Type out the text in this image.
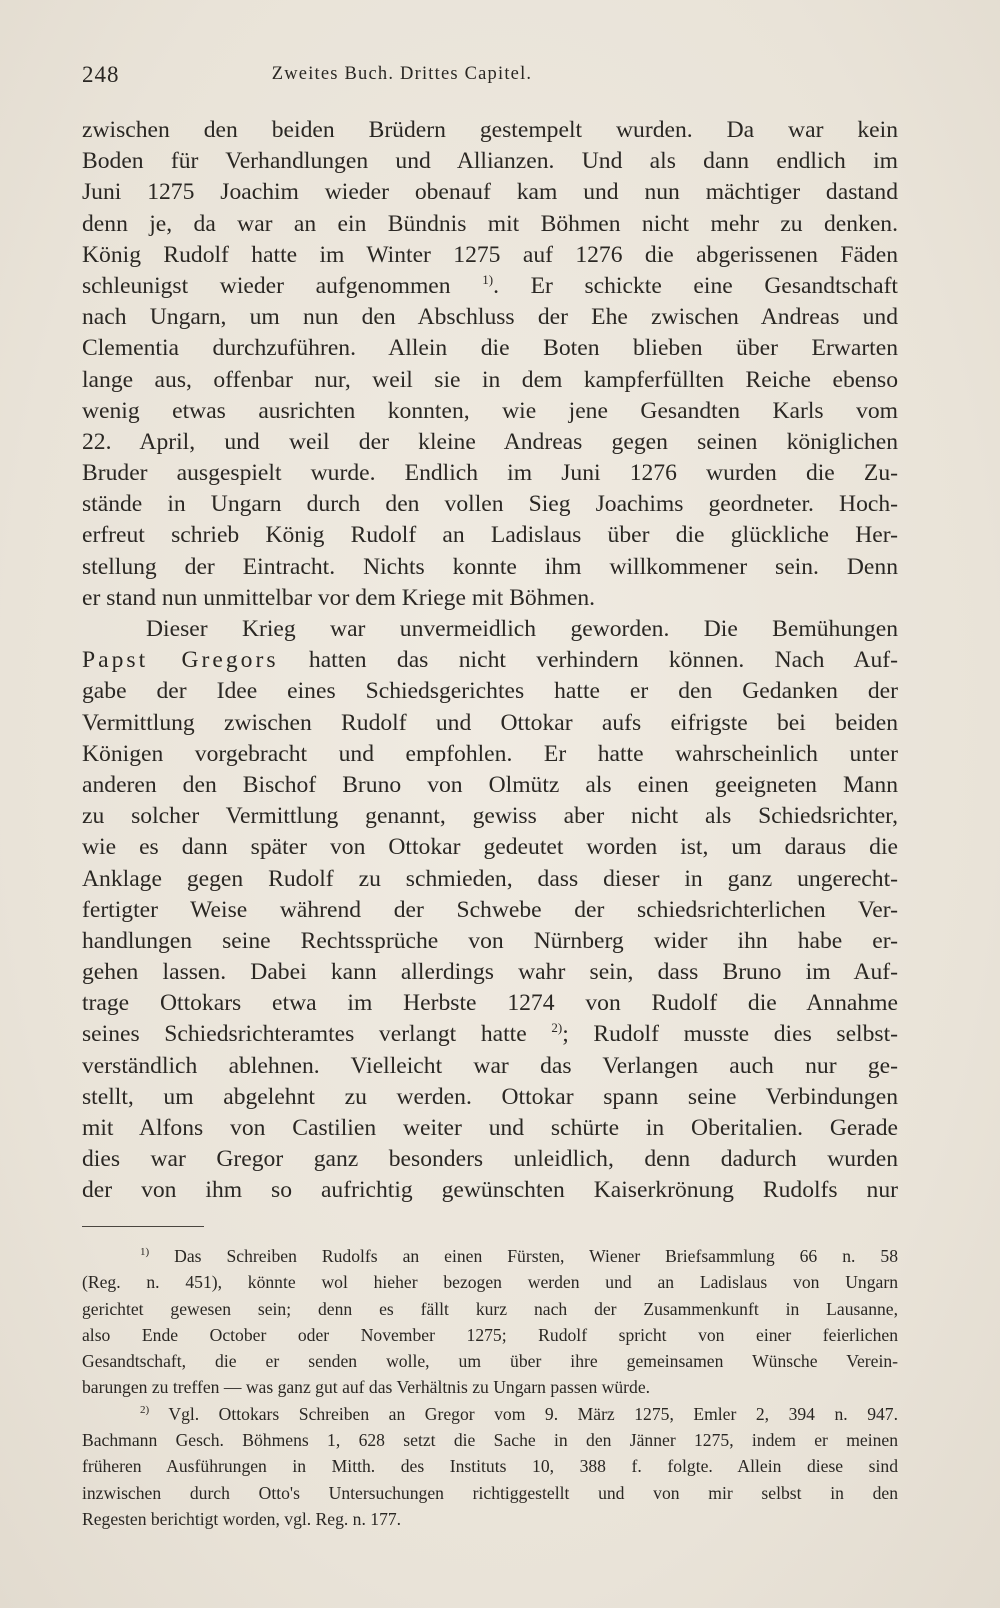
248	Zweites Buch. Drittes Capitel.
zwischen den beiden Brüdern gestempelt wurden. Da war kein
Boden für Verhandlungen und Allianzen. Und als dann endlich im
Juni 1275 Joachim wieder obenauf kam und nun mächtiger dastand
denn je, da war an ein Bündnis mit Böhmen nicht mehr zu denken.
König Rudolf hatte im Winter 1275 auf 1276 die abgerissenen Fäden
schleunigst wieder aufgenommen $^{1)}$. Er schickte eine Gesandtschaft
nach Ungarn, um nun den Abschluss der Ehe zwischen Andreas und
Clementia durchzuführen. Allein die Boten blieben über Erwarten
lange aus, offenbar nur, weil sie in dem kampferfüllten Reiche ebenso
wenig etwas ausrichten konnten, wie jene Gesandten Karls vom
22. April, und weil der kleine Andreas gegen seinen königlichen
Bruder ausgespielt wurde. Endlich im Juni 1276 wurden die Zu-
stände in Ungarn durch den vollen Sieg Joachims geordneter. Hoch-
erfreut schrieb König Rudolf an Ladislaus über die glückliche Her-
stellung der Eintracht. Nichts konnte ihm willkommener sein. Denn
er stand nun unmittelbar vor dem Kriege mit Böhmen.
Dieser Krieg war unvermeidlich geworden. Die Bemühungen
Papst Gregors hatten das nicht verhindern können. Nach Auf-
gabe der Idee eines Schiedsgerichtes hatte er den Gedanken der
Vermittlung zwischen Rudolf und Ottokar aufs eifrigste bei beiden
Königen vorgebracht und empfohlen. Er hatte wahrscheinlich unter
anderen den Bischof Bruno von Olmütz als einen geeigneten Mann
zu solcher Vermittlung genannt, gewiss aber nicht als Schiedsrichter,
wie es dann später von Ottokar gedeutet worden ist, um daraus die
Anklage gegen Rudolf zu schmieden, dass dieser in ganz ungerecht-
fertigter Weise während der Schwebe der schiedsrichterlichen Ver-
handlungen seine Rechtssprüche von Nürnberg wider ihn habe er-
gehen lassen. Dabei kann allerdings wahr sein, dass Bruno im Auf-
trage Ottokars etwa im Herbste 1274 von Rudolf die Annahme
seines Schiedsrichteramtes verlangt hatte $^{2)}$; Rudolf musste dies selbst-
verständlich ablehnen. Vielleicht war das Verlangen auch nur ge-
stellt, um abgelehnt zu werden. Ottokar spann seine Verbindungen
mit Alfons von Castilien weiter und schürte in Oberitalien. Gerade
dies war Gregor ganz besonders unleidlich, denn dadurch wurden
der von ihm so aufrichtig gewünschten Kaiserkrönung Rudolfs nur
$^{1)}$ Das Schreiben Rudolfs an einen Fürsten, Wiener Briefsammlung 66 n. 58
(Reg. n. 451), könnte wol hieher bezogen werden und an Ladislaus von Ungarn
gerichtet gewesen sein; denn es fällt kurz nach der Zusammenkunft in Lausanne,
also Ende October oder November 1275; Rudolf spricht von einer feierlichen
Gesandtschaft, die er senden wolle, um über ihre gemeinsamen Wünsche Verein-
barungen zu treffen — was ganz gut auf das Verhältnis zu Ungarn passen würde.
$^{2)}$ Vgl. Ottokars Schreiben an Gregor vom 9. März 1275, Emler 2, 394 n. 947.
Bachmann Gesch. Böhmens 1, 628 setzt die Sache in den Jänner 1275, indem er meinen
früheren Ausführungen in Mitth. des Instituts 10, 388 f. folgte. Allein diese sind
inzwischen durch Otto's Untersuchungen richtiggestellt und von mir selbst in den
Regesten berichtigt worden, vgl. Reg. n. 177.
